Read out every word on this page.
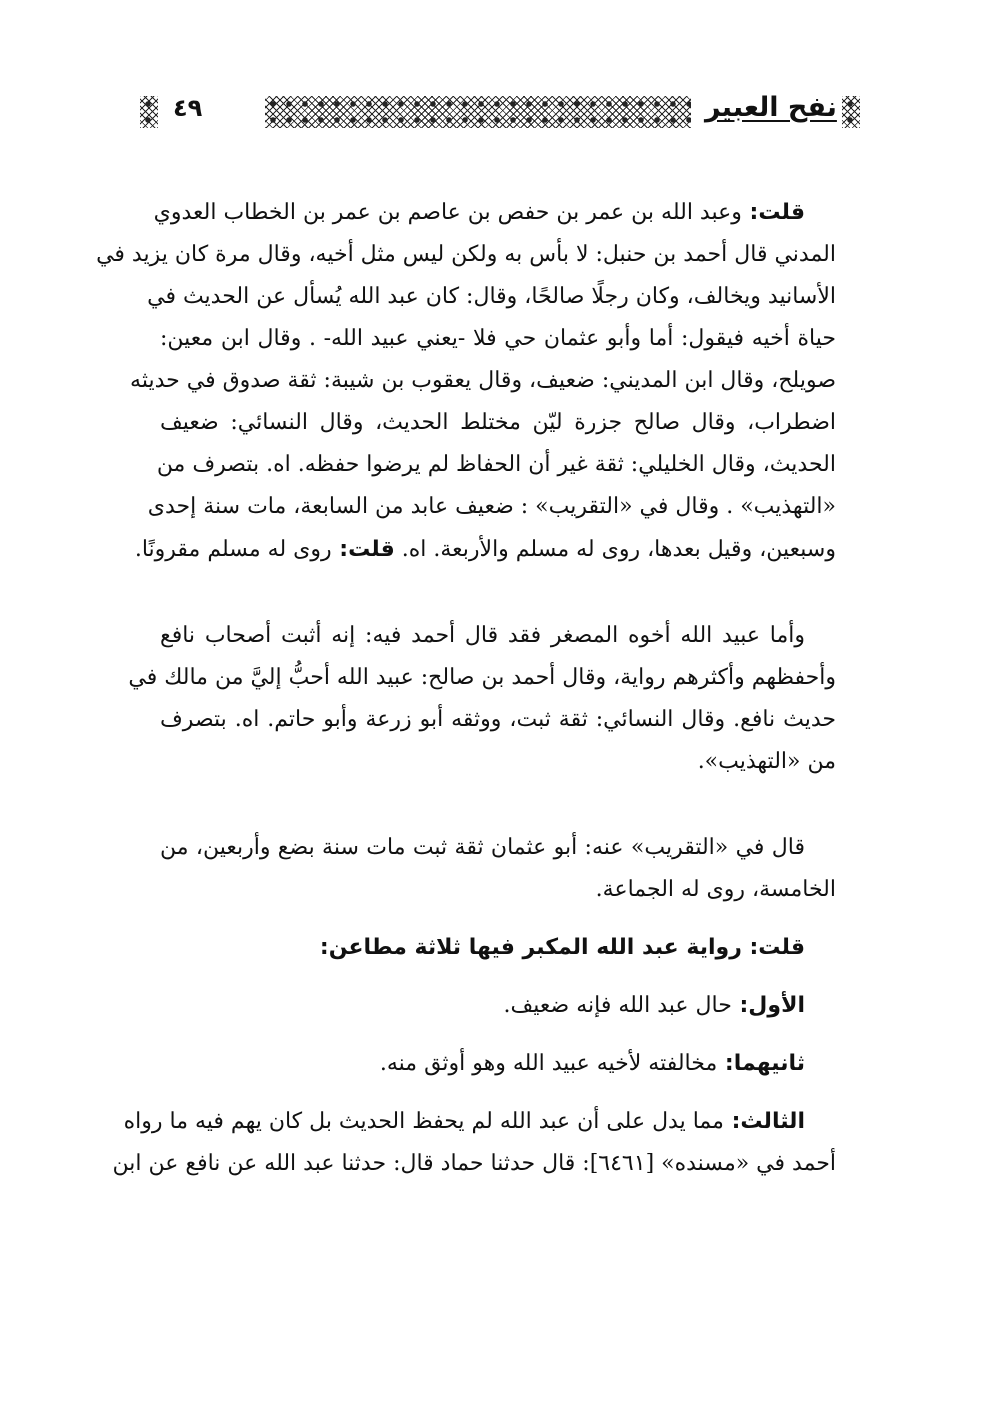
٤٩	نفح العبير
قلت: وعبد الله بن عمر بن حفص بن عاصم بن عمر بن الخطاب العدوي
المدني قال أحمد بن حنبل: لا بأس به ولكن ليس مثل أخيه، وقال مرة كان يزيد في
الأسانيد ويخالف، وكان رجلًا صالحًا، وقال: كان عبد الله يُسأل عن الحديث في
حياة أخيه فيقول: أما وأبو عثمان حي فلا -يعني عبيد الله- . وقال ابن معين:
صويلح، وقال ابن المديني: ضعيف، وقال يعقوب بن شيبة: ثقة صدوق في حديثه
اضطراب، وقال صالح جزرة ليّن مختلط الحديث، وقال النسائي: ضعيف
الحديث، وقال الخليلي: ثقة غير أن الحفاظ لم يرضوا حفظه. اه. بتصرف من
«التهذيب» . وقال في «التقريب» : ضعيف عابد من السابعة، مات سنة إحدى
وسبعين، وقيل بعدها، روى له مسلم والأربعة. اه. قلت: روى له مسلم مقرونًا.
وأما عبيد الله أخوه المصغر فقد قال أحمد فيه: إنه أثبت أصحاب نافع
وأحفظهم وأكثرهم رواية، وقال أحمد بن صالح: عبيد الله أحبُّ إليَّ من مالك في
حديث نافع. وقال النسائي: ثقة ثبت، ووثقه أبو زرعة وأبو حاتم. اه. بتصرف
من «التهذيب».
قال في «التقريب» عنه: أبو عثمان ثقة ثبت مات سنة بضع وأربعين، من
الخامسة، روى له الجماعة.
قلت: رواية عبد الله المكبر فيها ثلاثة مطاعن:
الأول: حال عبد الله فإنه ضعيف.
ثانيهما: مخالفته لأخيه عبيد الله وهو أوثق منه.
الثالث: مما يدل على أن عبد الله لم يحفظ الحديث بل كان يهم فيه ما رواه
أحمد في «مسنده» [٦٤٦١]: قال حدثنا حماد قال: حدثنا عبد الله عن نافع عن ابن
